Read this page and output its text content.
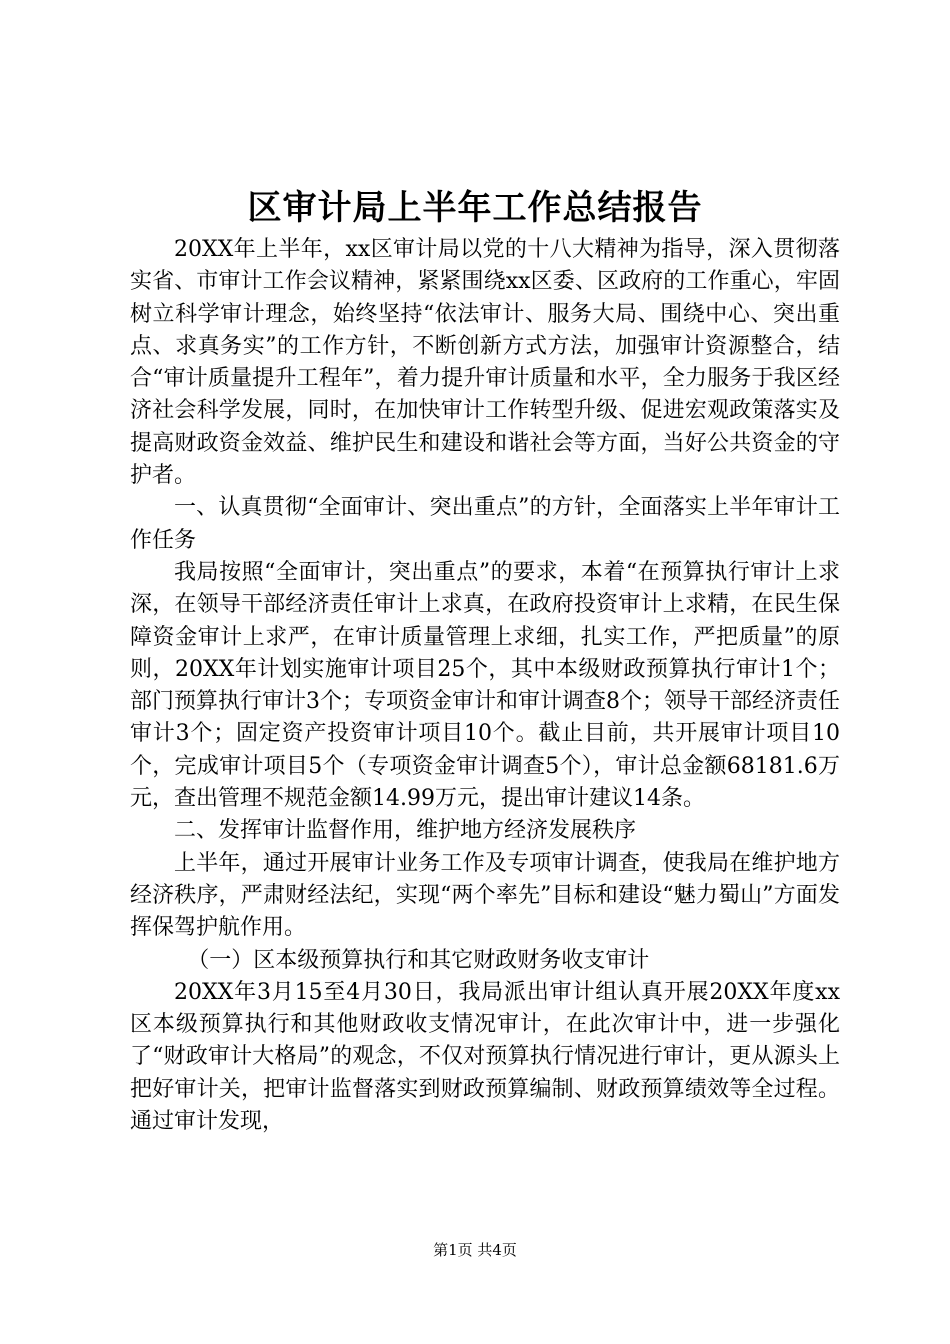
区审计局上半年工作总结报告

20XX年上半年，xx区审计局以党的十八大精神为指导，深入贯彻落实省、市审计工作会议精神，紧紧围绕xx区委、区政府的工作重心，牢固树立科学审计理念，始终坚持“依法审计、服务大局、围绕中心、突出重点、求真务实”的工作方针，不断创新方式方法，加强审计资源整合，结合“审计质量提升工程年”，着力提升审计质量和水平，全力服务于我区经济社会科学发展，同时，在加快审计工作转型升级、促进宏观政策落实及提高财政资金效益、维护民生和建设和谐社会等方面，当好公共资金的守护者。

一、认真贯彻“全面审计、突出重点”的方针，全面落实上半年审计工作任务

我局按照“全面审计，突出重点”的要求，本着“在预算执行审计上求深，在领导干部经济责任审计上求真，在政府投资审计上求精，在民生保障资金审计上求严，在审计质量管理上求细，扎实工作，严把质量”的原则，20XX年计划实施审计项目25个，其中本级财政预算执行审计1个；部门预算执行审计3个；专项资金审计和审计调查8个；领导干部经济责任审计3个；固定资产投资审计项目10个。截止目前，共开展审计项目10个，完成审计项目5个（专项资金审计调查5个），审计总金额68181.6万元，查出管理不规范金额14.99万元，提出审计建议14条。

二、发挥审计监督作用，维护地方经济发展秩序

上半年，通过开展审计业务工作及专项审计调查，使我局在维护地方经济秩序，严肃财经法纪，实现“两个率先”目标和建设“魅力蜀山”方面发挥保驾护航作用。

（一）区本级预算执行和其它财政财务收支审计

20XX年3月15至4月30日，我局派出审计组认真开展20XX年度xx区本级预算执行和其他财政收支情况审计，在此次审计中，进一步强化了“财政审计大格局”的观念，不仅对预算执行情况进行审计，更从源头上把好审计关，把审计监督落实到财政预算编制、财政预算绩效等全过程。通过审计发现，

第1页 共4页
